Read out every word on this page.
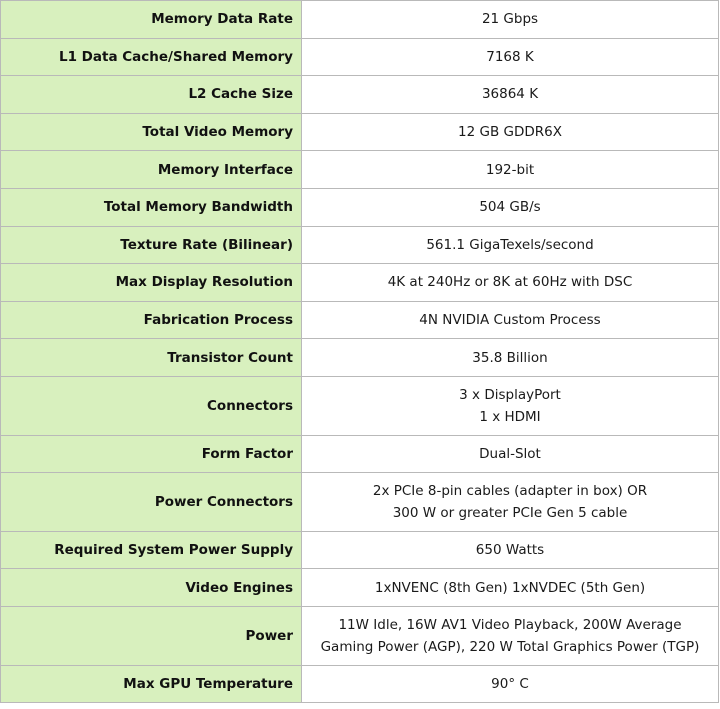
Memory Data Rate	21 Gbps
L1 Data Cache/Shared Memory	7168 K
L2 Cache Size	36864 K
Total Video Memory	12 GB GDDR6X
Memory Interface	192-bit
Total Memory Bandwidth	504 GB/s
Texture Rate (Bilinear)	561.1 GigaTexels/second
Max Display Resolution	4K at 240Hz or 8K at 60Hz with DSC
Fabrication Process	4N NVIDIA Custom Process
Transistor Count	35.8 Billion
Connectors	3 x DisplayPort
1 x HDMI

Form Factor	Dual-Slot
Power Connectors	2x PCIe 8-pin cables (adapter in box) OR
300 W or greater PCIe Gen 5 cable

Required System Power Supply	650 Watts
Video Engines	1xNVENC (8th Gen) 1xNVDEC (5th Gen)
Power	11W Idle, 16W AV1 Video Playback, 200W Average
Gaming Power (AGP), 220 W Total Graphics Power (TGP)

Max GPU Temperature	90° C
